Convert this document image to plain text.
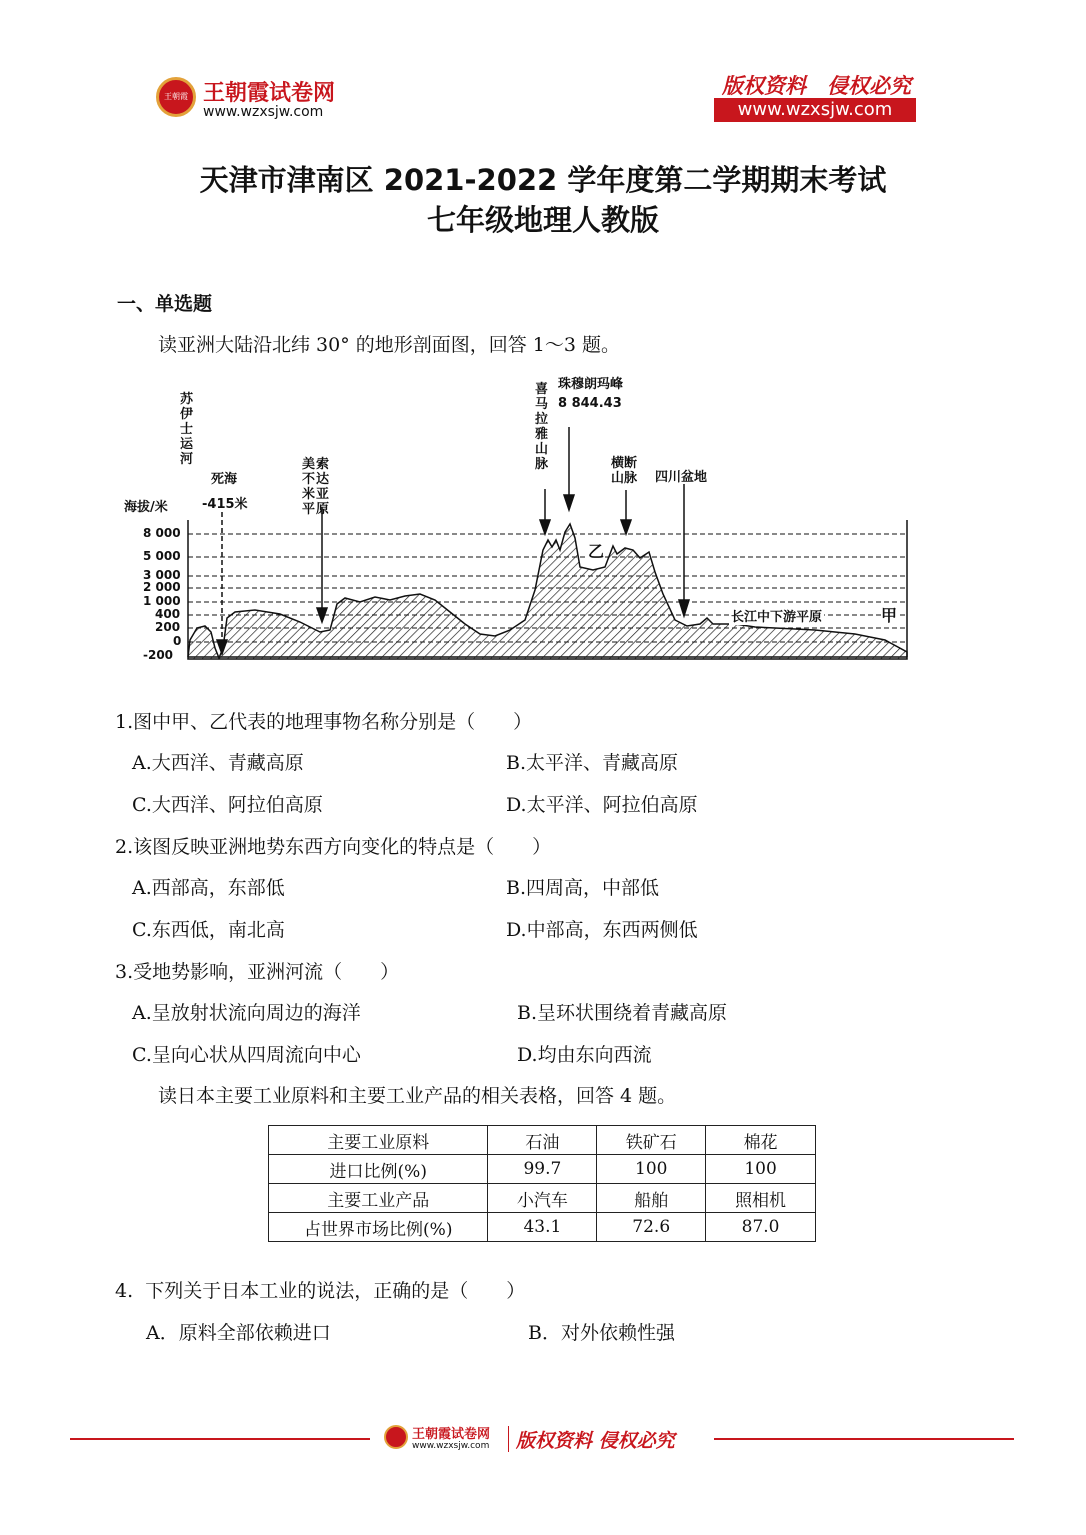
王朝霞 王朝霞试卷网
www.wzxsjw.com
版权资料　侵权必究
www.wzxsjw.com
天津市津南区 2021-2022 学年度第二学期期末考试
七年级地理人教版
一、单选题
读亚洲大陆沿北纬 30° 的地形剖面图，回答 1～3 题。
海拔/米
8 000
5 000
3 000
2 000
1 000
400
200
0
-200
苏伊士运河
死海
-415米
美索不达米亚平原
喜马拉雅山脉
珠穆朗玛峰
8 844.43
横断山脉	四川盆地
长江中下游平原	甲
乙
1.图中甲、乙代表的地理事物名称分别是（　　）
A.大西洋、青藏高原	B.太平洋、青藏高原
C.大西洋、阿拉伯高原	D.太平洋、阿拉伯高原
2.该图反映亚洲地势东西方向变化的特点是（　　）
A.西部高，东部低	B.四周高，中部低
C.东西低，南北高	D.中部高，东西两侧低
3.受地势影响，亚洲河流（　　）
A.呈放射状流向周边的海洋	B.呈环状围绕着青藏高原
C.呈向心状从四周流向中心	D.均由东向西流
读日本主要工业原料和主要工业产品的相关表格，回答 4 题。
主要工业原料	石油	铁矿石	棉花
进口比例(%)	99.7	100	100
主要工业产品	小汽车	船舶	照相机
占世界市场比例(%)	43.1	72.6	87.0
4.  下列关于日本工业的说法，正确的是（　　）
A．原料全部依赖进口	B．对外依赖性强
王朝霞试卷网
www.wzxsjw.com 版权资料 侵权必究
